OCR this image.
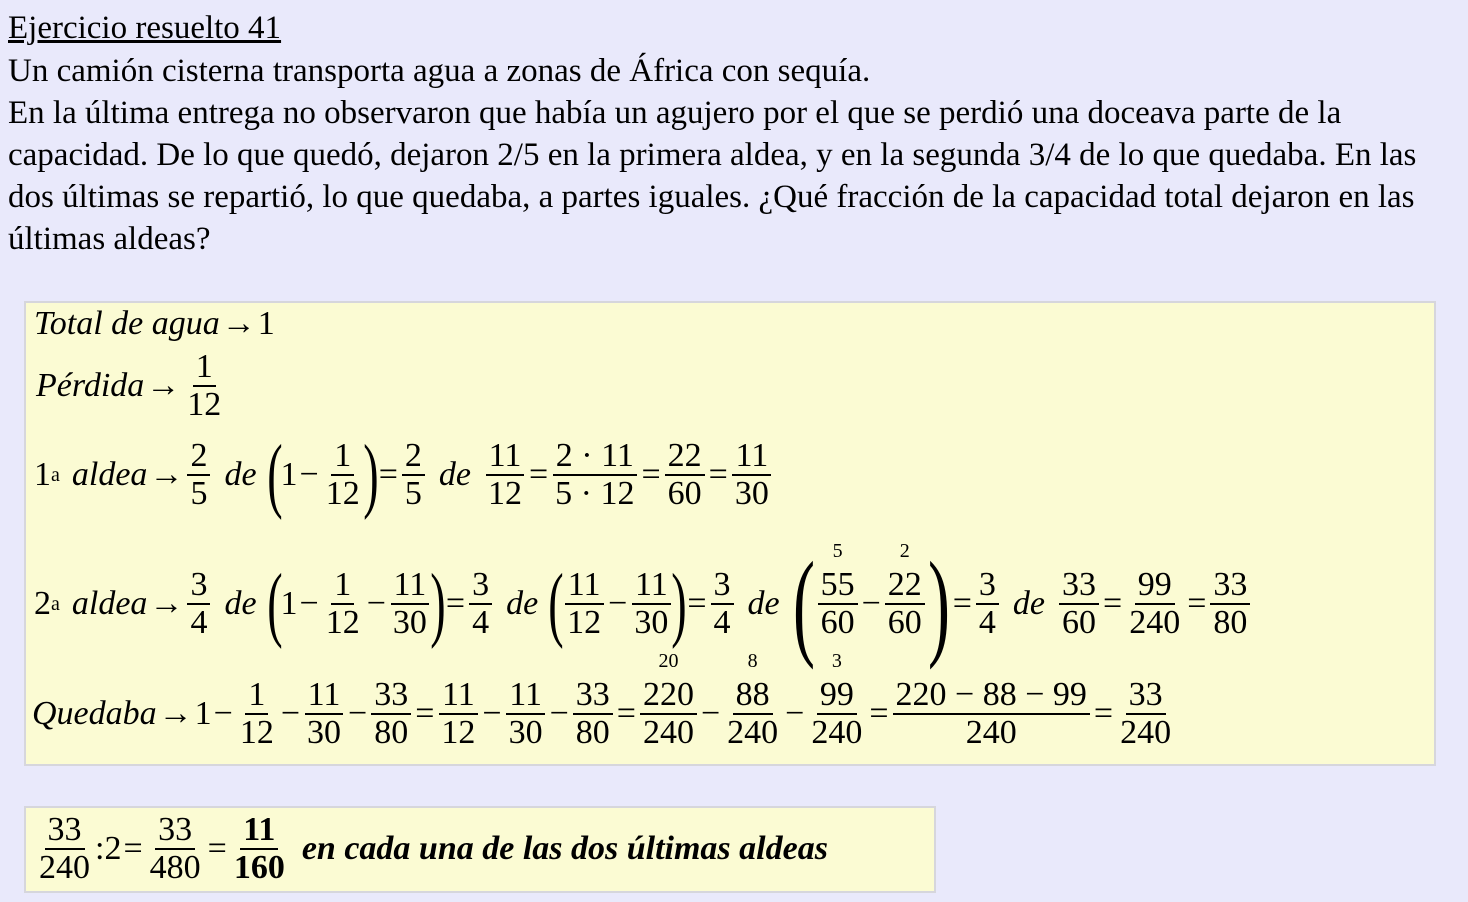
Ejercicio resuelto 41

Un camión cisterna transporta agua a zonas de África con sequía.

En la última entrega no observaron que había un agujero por el que se perdió una doceava parte de la capacidad. De lo que quedó, dejaron 2/5 en la primera aldea, y en la segunda 3/4 de lo que quedaba. En las dos últimas se repartió, lo que quedaba, a partes iguales. ¿Qué fracción de la capacidad total dejaron en las últimas aldeas?

Total de agua → 1
Pérdida → $\frac{1}{12}$
1 a aldea → $\frac{2}{5}$ de (
$1 - \frac{1}{12}$ ) = $\frac{2}{5}$ de $\frac{11}{12} = \frac{2 \cdot 11}{5 \cdot 12} = \frac{22}{60} = \frac{11}{30}$
2 a aldea → $\frac{3}{4}$ de (
$1 - \frac{1}{12} - \frac{11}{30}$ ) = $\frac{3}{4}$ de ( $\frac{11}{12} - \frac{11}{30}$ ) = $\frac{3}{4}$ de ( 5
55
60
−
2
22
60 ) = $\frac{3}{4}$ de $\frac{33}{60} = \frac{99}{240} = \frac{33}{80}$
Quedaba → $1 - \frac{1}{12} - \frac{11}{30} - \frac{33}{80} = \frac{11}{12} - \frac{11}{30} - \frac{33}{80}$ =
20
220
240
−
8
88
240
−
3
99
240
= $\frac{220 - 88 - 99}{240} = \frac{33}{240}$
$\frac{33}{240}$ :2 = $\frac{33}{480} = \frac{11}{160}$ en cada una de las dos últimas aldeas
